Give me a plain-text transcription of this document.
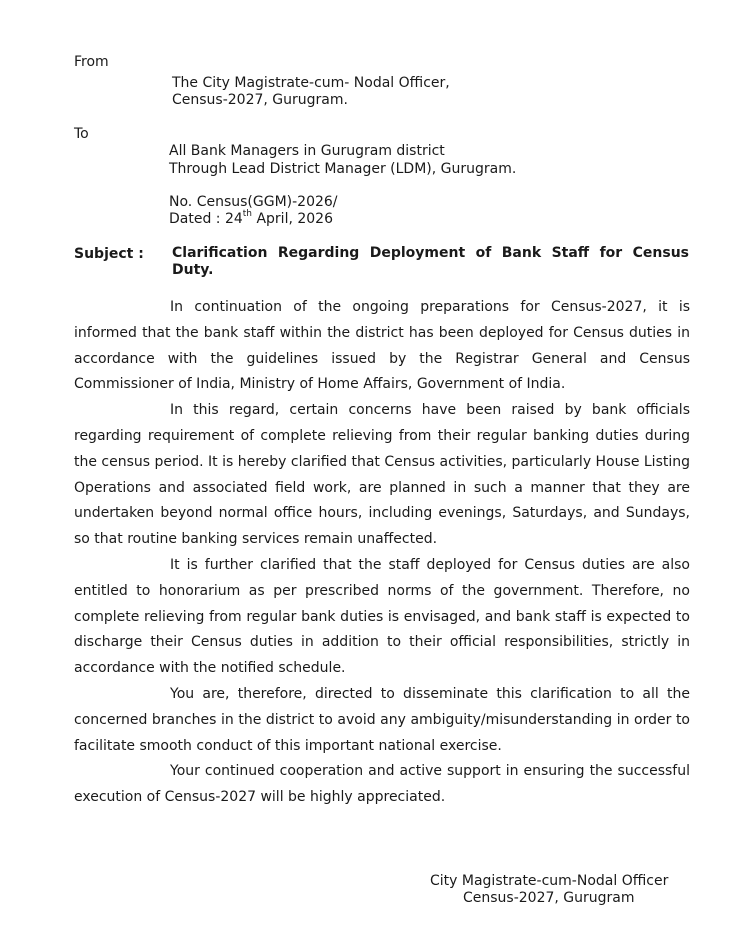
From
The City Magistrate-cum- Nodal Officer,
Census-2027, Gurugram.
To
All Bank Managers in Gurugram district
Through Lead District Manager (LDM), Gurugram.
No. Census(GGM)-2026/
Dated : 24th April, 2026
Subject : Clarification Regarding Deployment of Bank Staff for Census Duty.

In continuation of the ongoing preparations for Census-2027, it is informed that the bank staff within the district has been deployed for Census duties in accordance with the guidelines issued by the Registrar General and Census Commissioner of India, Ministry of Home Affairs, Government of India.

In this regard, certain concerns have been raised by bank officials regarding requirement of complete relieving from their regular banking duties during the census period. It is hereby clarified that Census activities, particularly House Listing Operations and associated field work, are planned in such a manner that they are undertaken beyond normal office hours, including evenings, Saturdays, and Sundays, so that routine banking services remain unaffected.

It is further clarified that the staff deployed for Census duties are also entitled to honorarium as per prescribed norms of the government. Therefore, no complete relieving from regular bank duties is envisaged, and bank staff is expected to discharge their Census duties in addition to their official responsibilities, strictly in accordance with the notified schedule.

You are, therefore, directed to disseminate this clarification to all the concerned branches in the district to avoid any ambiguity/misunderstanding in order to facilitate smooth conduct of this important national exercise.

Your continued cooperation and active support in ensuring the successful execution of Census-2027 will be highly appreciated.

City Magistrate-cum-Nodal Officer
Census-2027, Gurugram
